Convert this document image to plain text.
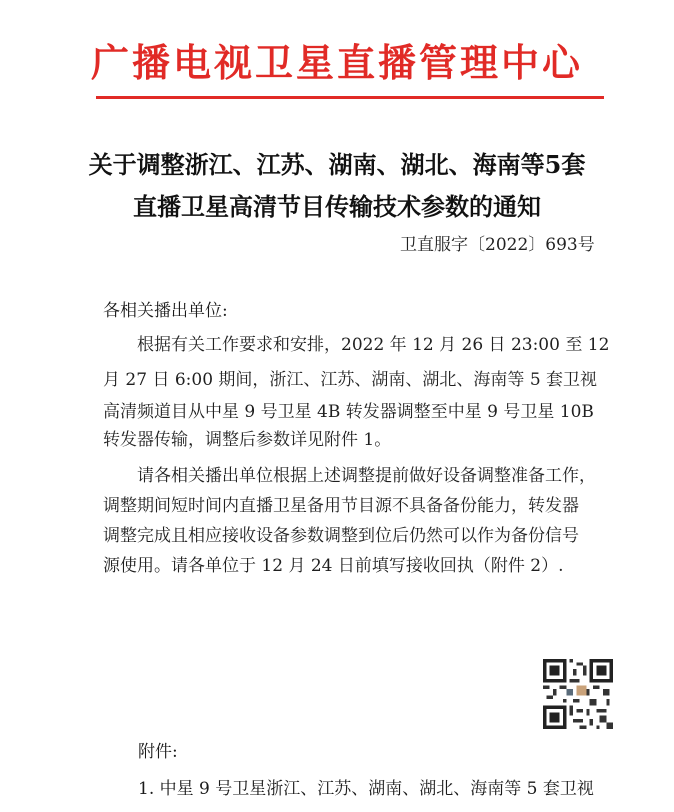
广播电视卫星直播管理中心
关于调整浙江、江苏、湖南、湖北、海南等5套
直播卫星高清节目传输技术参数的通知
卫直服字〔2022〕693号
各相关播出单位:
根据有关工作要求和安排，2022 年 12 月 26 日 23:00 至 12
月 27 日 6:00 期间，浙江、江苏、湖南、湖北、海南等 5 套卫视
高清频道目从中星 9 号卫星 4B 转发器调整至中星 9 号卫星 10B
转发器传输，调整后参数详见附件 1。
请各相关播出单位根据上述调整提前做好设备调整准备工作，
调整期间短时间内直播卫星备用节目源不具备备份能力，转发器
调整完成且相应接收设备参数调整到位后仍然可以作为备份信号
源使用。请各单位于 12 月 24 日前填写接收回执（附件 2）.
附件:
1. 中星 9 号卫星浙江、江苏、湖南、湖北、海南等 5 套卫视
